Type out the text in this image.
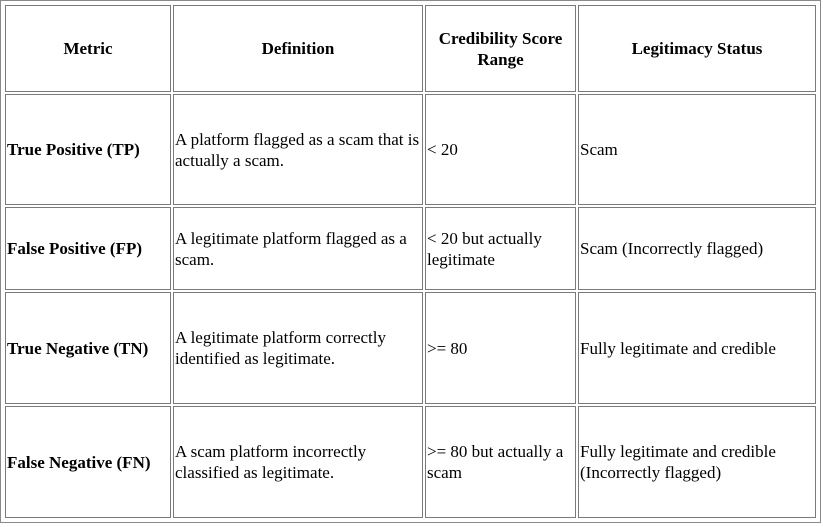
Metric	Definition	Credibility Score Range	Legitimacy Status
True Positive (TP)	A platform flagged as a scam that is actually a scam.	< 20	Scam
False Positive (FP)	A legitimate platform flagged as a scam.	< 20 but actually legitimate	Scam (Incorrectly flagged)
True Negative (TN)	A legitimate platform correctly identified as legitimate.	>= 80	Fully legitimate and credible
False Negative (FN)	A scam platform incorrectly classified as legitimate.	>= 80 but actually a scam	Fully legitimate and credible (Incorrectly flagged)
